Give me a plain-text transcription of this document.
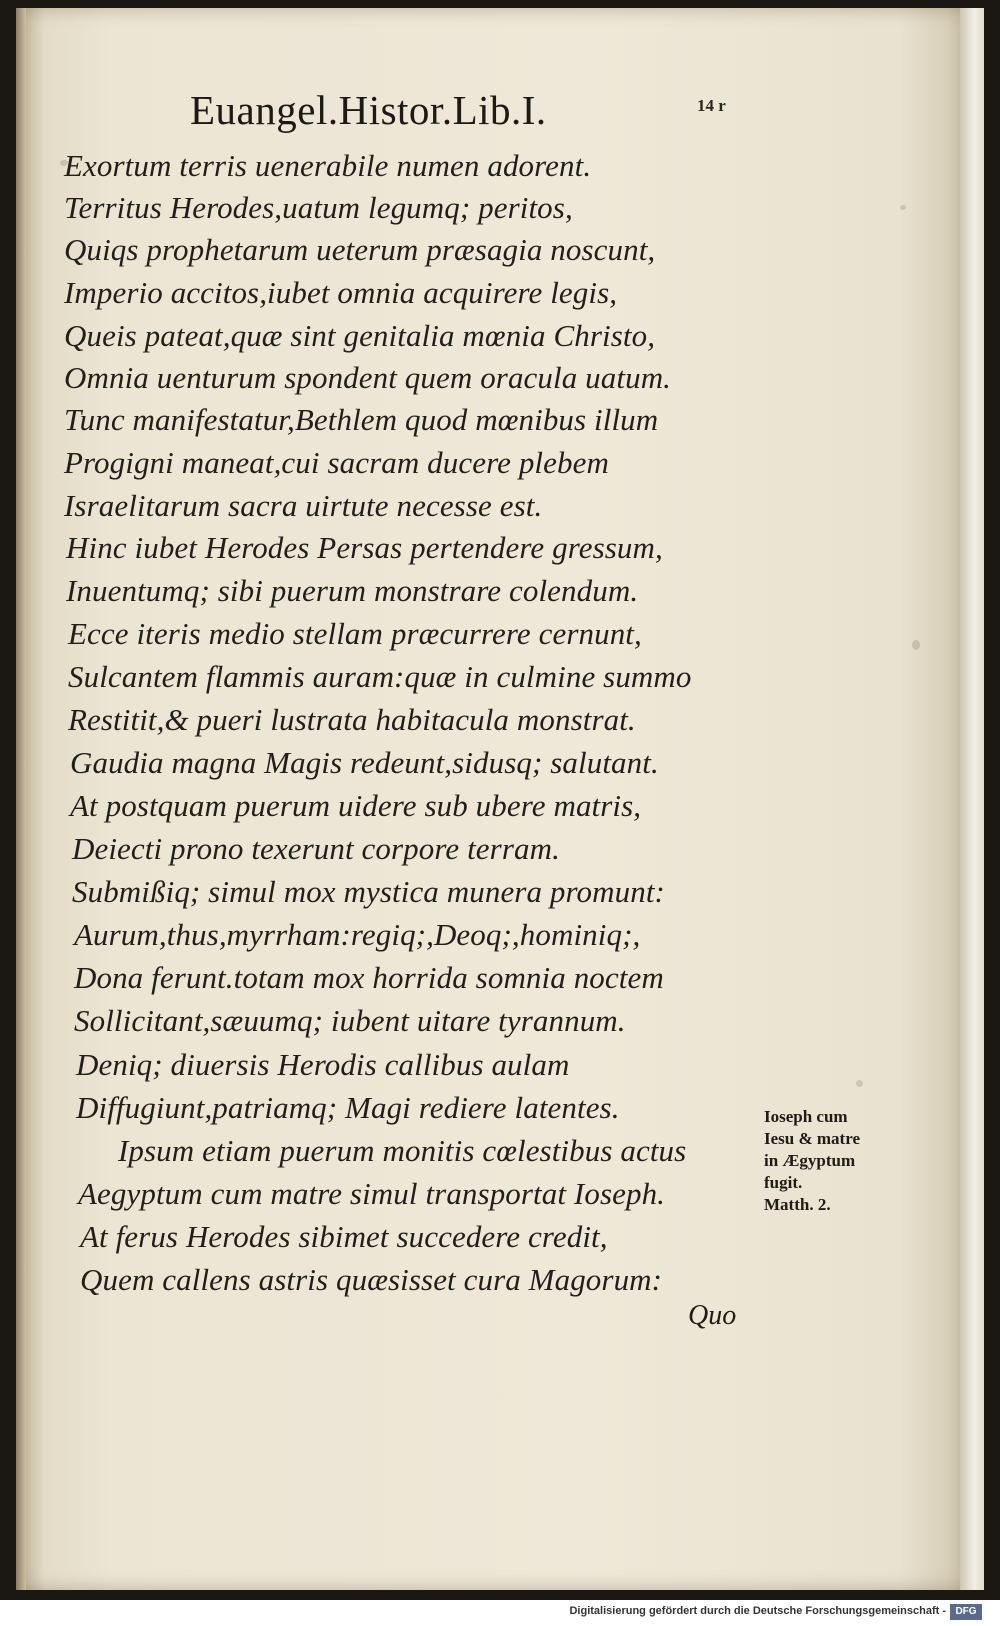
Euangel.Histor.Lib.I.	14 r
Exortum terris uenerabile numen adorent.
Territus Herodes,uatum legumq; peritos,
Quiqs prophetarum ueterum præsagia noscunt,
Imperio accitos,iubet omnia acquirere legis,
Queis pateat,quæ sint genitalia mœnia Christo,
Omnia uenturum spondent quem oracula uatum.
Tunc manifestatur,Bethlem quod mœnibus illum
Progigni maneat,cui sacram ducere plebem
Israelitarum sacra uirtute necesse est.
Hinc iubet Herodes Persas pertendere gressum,
Inuentumq; sibi puerum monstrare colendum.
Ecce iteris medio stellam præcurrere cernunt,
Sulcantem flammis auram:quæ in culmine summo
Restitit,& pueri lustrata habitacula monstrat.
Gaudia magna Magis redeunt,sidusq; salutant.
At postquam puerum uidere sub ubere matris,
Deiecti prono texerunt corpore terram.
Submißiq; simul mox mystica munera promunt:
Aurum,thus,myrrham:regiq;,Deoq;,hominiq;,
Dona ferunt.totam mox horrida somnia noctem
Sollicitant,sæuumq; iubent uitare tyrannum.
Deniq; diuersis Herodis callibus aulam
Diffugiunt,patriamq; Magi rediere latentes.
Ipsum etiam puerum monitis cœlestibus actus
Aegyptum cum matre simul transportat Ioseph.
At ferus Herodes sibimet succedere credit,
Quem callens astris quæsisset cura Magorum:
Ioseph cum
Iesu & matre
in Ægyptum
fugit.
Matth. 2.
Quo
Digitalisierung gefördert durch die Deutsche Forschungsgemeinschaft - DFG
